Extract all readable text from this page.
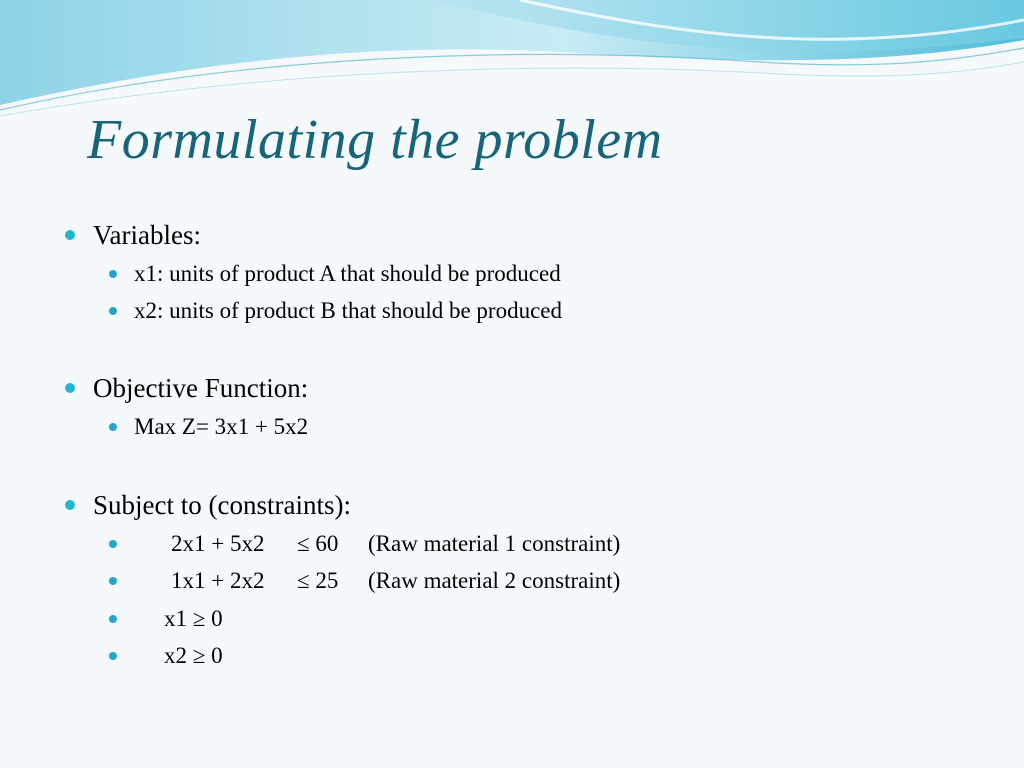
Formulating the problem
Variables:
x1: units of product A that should be produced
x2: units of product B that should be produced
Objective Function:
Max Z= 3x1 + 5x2
Subject to (constraints):
2x1 + 5x2 ≤ 60 (Raw material 1 constraint)
1x1 + 2x2 ≤ 25 (Raw material 2 constraint)
x1 ≥ 0
x2 ≥ 0
